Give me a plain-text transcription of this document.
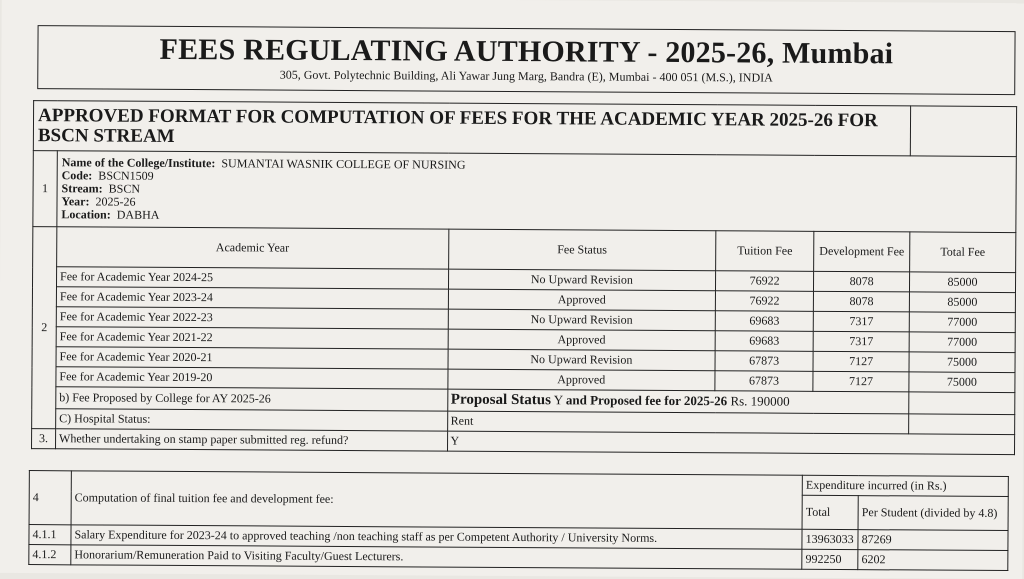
FEES REGULATING AUTHORITY - 2025-26, Mumbai
305, Govt. Polytechnic Building, Ali Yawar Jung Marg, Bandra (E), Mumbai - 400 051 (M.S.), INDIA
APPROVED FORMAT FOR COMPUTATION OF FEES FOR THE ACADEMIC YEAR 2025-26 FOR BSCN STREAM					
1	Name of the College/Institute: SUMANTAI WASNIK COLLEGE OF NURSING
Code: BSCN1509
Stream: BSCN
Year: 2025-26
Location: DABHA				

2	Academic Year	Fee Status	Tuition Fee	Development Fee	Total Fee
	Fee for Academic Year 2024-25	No Upward Revision	76922	8078	85000
	Fee for Academic Year 2023-24	Approved	76922	8078	85000
	Fee for Academic Year 2022-23	No Upward Revision	69683	7317	77000
	Fee for Academic Year 2021-22	Approved	69683	7317	77000
	Fee for Academic Year 2020-21	No Upward Revision	67873	7127	75000
	Fee for Academic Year 2019-20	Approved	67873	7127	75000
	b) Fee Proposed by College for AY 2025-26	Proposal Status Y and Proposed fee for 2025-26 Rs. 190000			
	C) Hospital Status:	Rent			
3.	Whether undertaking on stamp paper submitted reg. refund?	Y			
4	Computation of final tuition fee and development fee:	Expenditure incurred (in Rs.)	
		Total	Per Student (divided by 4.8)
4.1.1	Salary Expenditure for 2023-24 to approved teaching /non teaching staff as per Competent Authority / University Norms.	13963033	87269
4.1.2	Honorarium/Remuneration Paid to Visiting Faculty/Guest Lecturers.	992250	6202
